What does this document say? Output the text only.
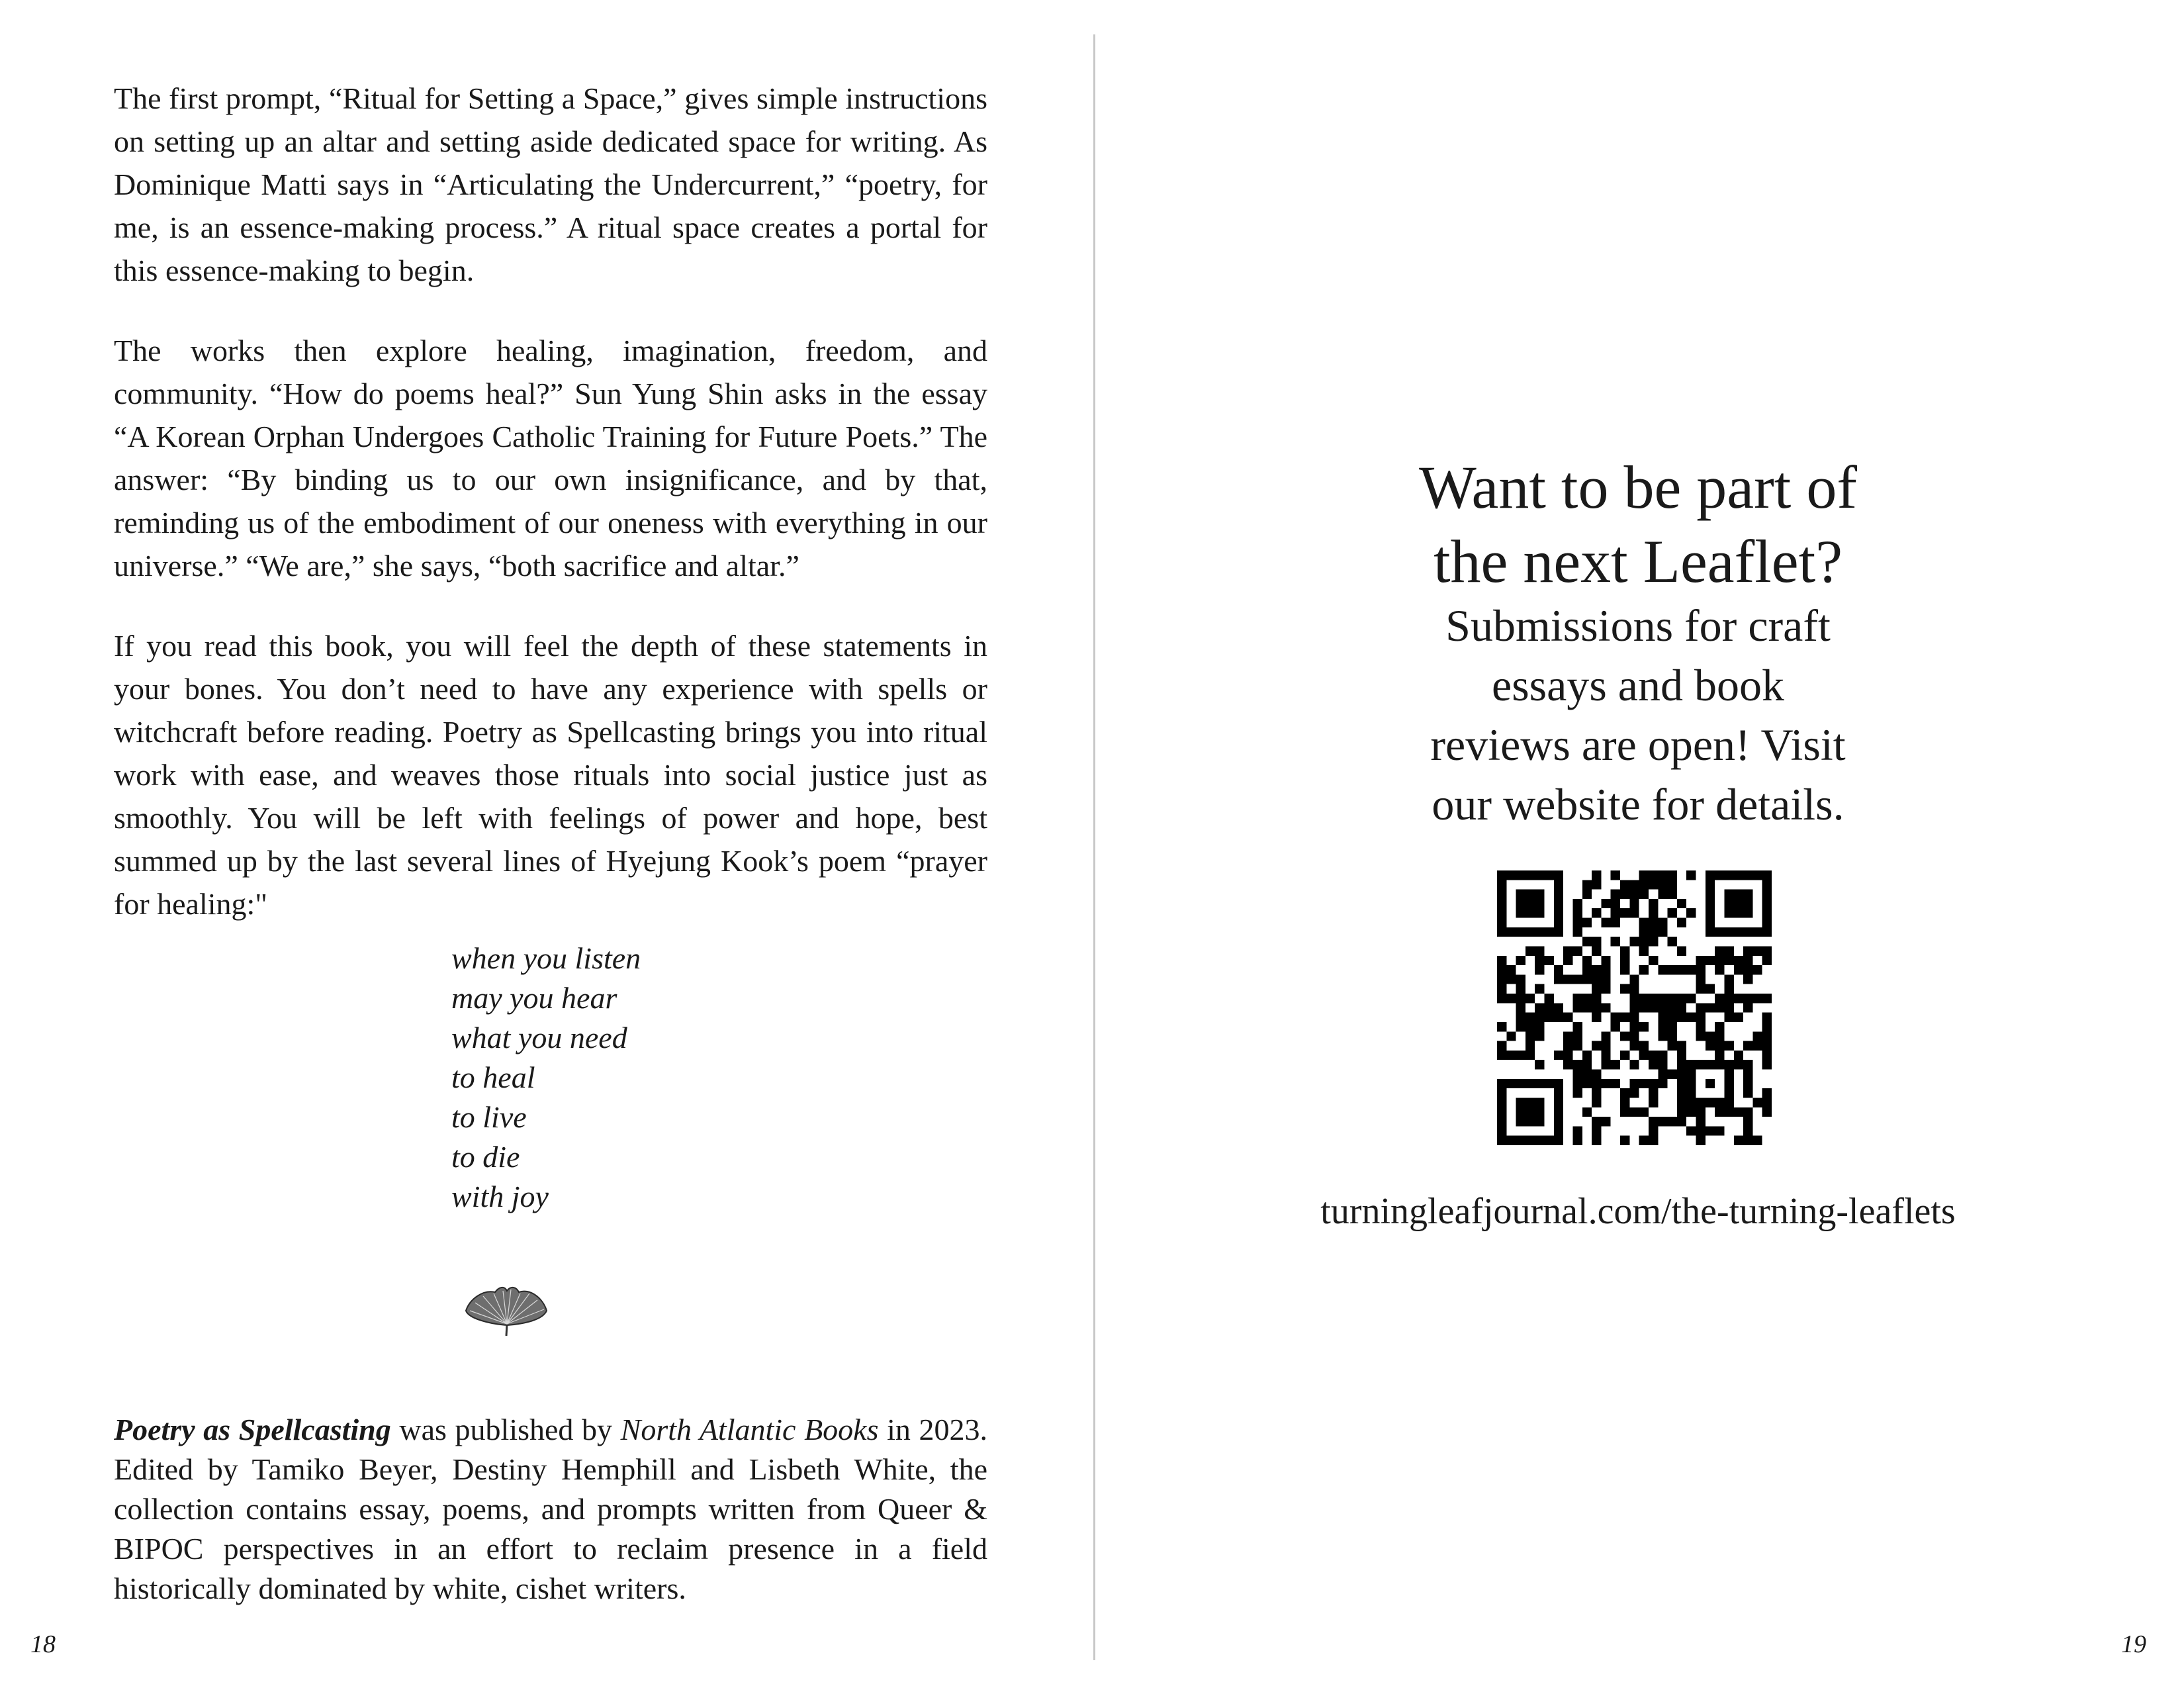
The first prompt, “Ritual for Setting a Space,” gives simple instructions on setting up an altar and setting aside dedicated space for writing. As Dominique Matti says in “Articulating the Undercurrent,” “poetry, for me, is an essence-making process.” A ritual space creates a portal for this essence-making to begin.

The works then explore healing, imagination, freedom, and community. “How do poems heal?” Sun Yung Shin asks in the essay “A Korean Orphan Undergoes Catholic Training for Future Poets.” The answer: “By binding us to our own insignificance, and by that, reminding us of the embodiment of our oneness with everything in our universe.” “We are,” she says, “both sacrifice and altar.”

If you read this book, you will feel the depth of these statements in your bones. You don’t need to have any experience with spells or witchcraft before reading. Poetry as Spellcasting brings you into ritual work with ease, and weaves those rituals into social justice just as smoothly. You will be left with feelings of power and hope, best summed up by the last several lines of Hyejung Kook’s poem “prayer for healing:"

when you listen
may you hear
what you need
to heal
to live
to die
with joy

Poetry as Spellcasting was published by North Atlantic Books in 2023. Edited by Tamiko Beyer, Destiny Hemphill and Lisbeth White, the collection contains essay, poems, and prompts written from Queer & BIPOC perspectives in an effort to reclaim presence in a field historically dominated by white, cishet writers.

18
Want to be part of
the next Leaflet?

Submissions for craft
essays and book
reviews are open! Visit
our website for details.

turningleafjournal.com/the-turning-leaflets

19
